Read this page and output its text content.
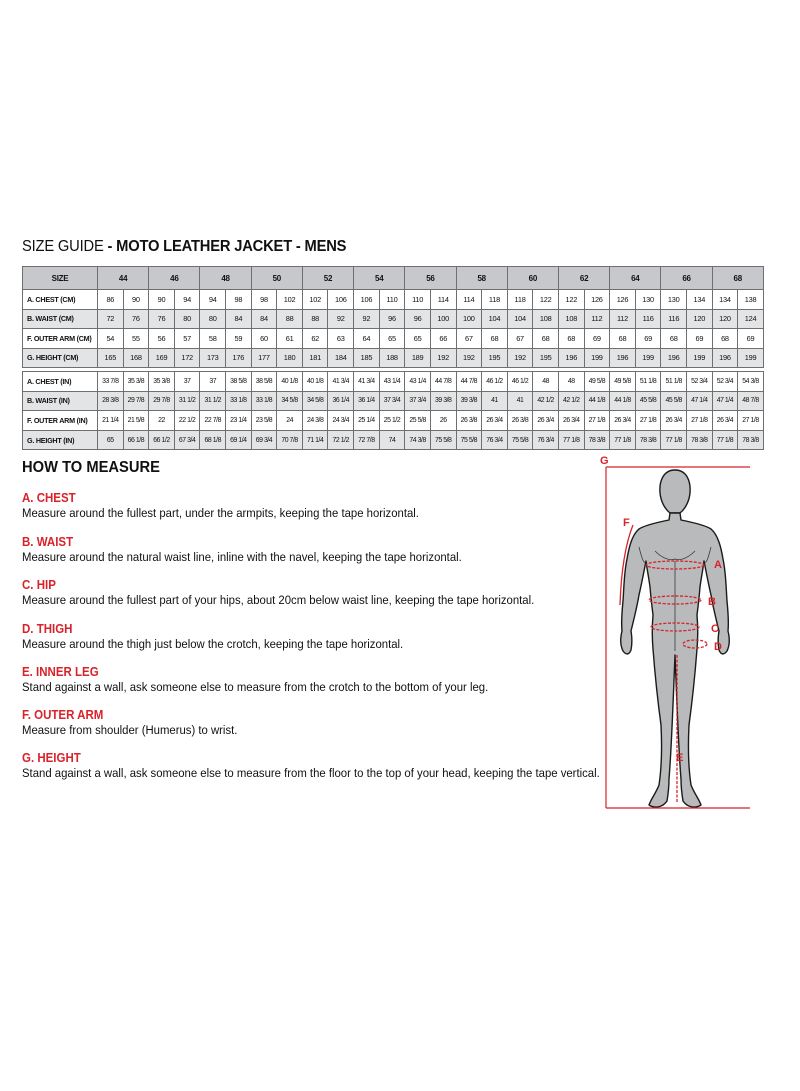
SIZE GUIDE - MOTO LEATHER JACKET - MENS
SIZE	44		46		48		50		52		54		56		58		60		62		64		66		68	
A. CHEST (CM)	86	90	90	94	94	98	98	102	102	106	106	110	110	114	114	118	118	122	122	126	126	130	130	134	134	138
B. WAIST (CM)	72	76	76	80	80	84	84	88	88	92	92	96	96	100	100	104	104	108	108	112	112	116	116	120	120	124
F. OUTER ARM (CM)	54	55	56	57	58	59	60	61	62	63	64	65	65	66	67	68	67	68	68	69	68	69	68	69	68	69
G. HEIGHT (CM)	165	168	169	172	173	176	177	180	181	184	185	188	189	192	192	195	192	195	196	199	196	199	196	199	196	199
A. CHEST (IN)	33 7/8	35 3/8	35 3/8	37	37	38 5/8	38 5/8	40 1/8	40 1/8	41 3/4	41 3/4	43 1/4	43 1/4	44 7/8	44 7/8	46 1/2	46 1/2	48	48	49 5/8	49 5/8	51 1/8	51 1/8	52 3/4	52 3/4	54 3/8
B. WAIST (IN)	28 3/8	29 7/8	29 7/8	31 1/2	31 1/2	33 1/8	33 1/8	34 5/8	34 5/8	36 1/4	36 1/4	37 3/4	37 3/4	39 3/8	39 3/8	41	41	42 1/2	42 1/2	44 1/8	44 1/8	45 5/8	45 5/8	47 1/4	47 1/4	48 7/8
F. OUTER ARM (IN)	21 1/4	21 5/8	22	22 1/2	22 7/8	23 1/4	23 5/8	24	24 3/8	24 3/4	25 1/4	25 1/2	25 5/8	26	26 3/8	26 3/4	26 3/8	26 3/4	26 3/4	27 1/8	26 3/4	27 1/8	26 3/4	27 1/8	26 3/4	27 1/8
G. HEIGHT (IN)	65	66 1/8	66 1/2	67 3/4	68 1/8	69 1/4	69 3/4	70 7/8	71 1/4	72 1/2	72 7/8	74	74 3/8	75 5/8	75 5/8	76 3/4	75 5/8	76 3/4	77 1/8	78 3/8	77 1/8	78 3/8	77 1/8	78 3/8	77 1/8	78 3/8
HOW TO MEASURE
A. CHEST
Measure around the fullest part, under the armpits, keeping the tape horizontal.
B. WAIST
Measure around the natural waist line, inline with the navel, keeping the tape horizontal.
C. HIP
Measure around the fullest part of your hips, about 20cm below waist line, keeping the tape horizontal.
D. THIGH
Measure around the thigh just below the crotch, keeping the tape horizontal.
E. INNER LEG
Stand against a wall, ask someone else to measure from the crotch to the bottom of your leg.
F. OUTER ARM
Measure from shoulder (Humerus) to wrist.
G. HEIGHT
Stand against a wall, ask someone else to measure from the floor to the top of your head, keeping the tape vertical.
G
F
A
B
C
D
E
